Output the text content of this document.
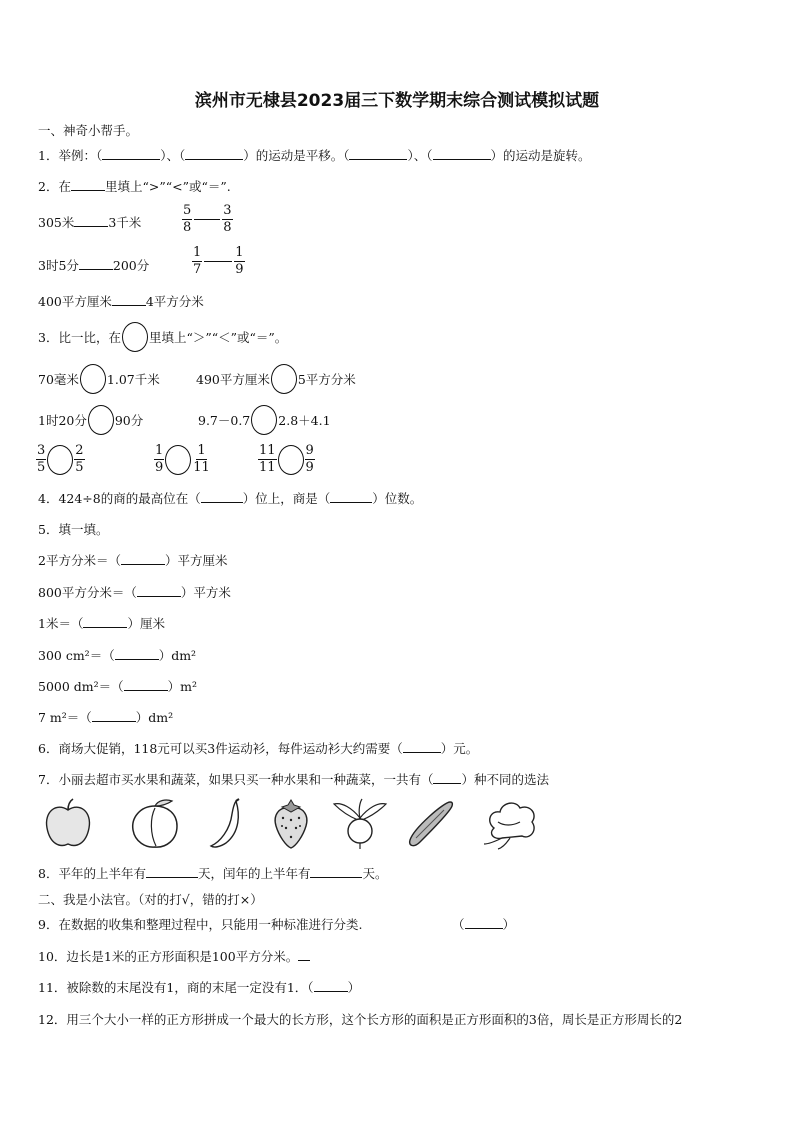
滨州市无棣县2023届三下数学期末综合测试模拟试题
一、神奇小帮手。
1．举例：（	）、（	）的运动是平移。（	）、（	）的运动是旋转。
2．在	里填上“>”“<”或“＝”.
305米	3千米	$\frac{5}{8} \frac{3}{8}$
3时5分	200分	$\frac{1}{7} \frac{1}{9}$
400平方厘米	4平方分米
3．比一比，在 里填上“＞”“＜”或“＝”。
70毫米 1.07千米	490平方厘米 5平方分米
1时20分 90分	9.7－0.7 2.8＋4.1
$\frac{3}{5} \frac{2}{5}$	$\frac{1}{9} \frac{1}{11}$	$\frac{11}{11} \frac{9}{9}$
4．424÷8的商的最高位在（	）位上，商是（	）位数。
5．填一填。
2平方分米＝（	）平方厘米
800平方分米＝（	）平方米
1米＝（	）厘米
300 cm²＝（	）dm²
5000 dm²＝（	）m²
7 m²＝（	）dm²
6．商场大促销，118元可以买3件运动衫，每件运动衫大约需要（	）元。
7．小丽去超市买水果和蔬菜，如果只买一种水果和一种蔬菜，一共有（ ）种不同的选法
8．平年的上半年有	天，闰年的上半年有	天。
二、我是小法官。（对的打√，错的打×）
9．在数据的收集和整理过程中，只能用一种标准进行分类.	（	）
10．边长是1米的正方形面积是100平方分米。
11．被除数的末尾没有1，商的末尾一定没有1．（	）
12．用三个大小一样的正方形拼成一个最大的长方形，这个长方形的面积是正方形面积的3倍，周长是正方形周长的2
